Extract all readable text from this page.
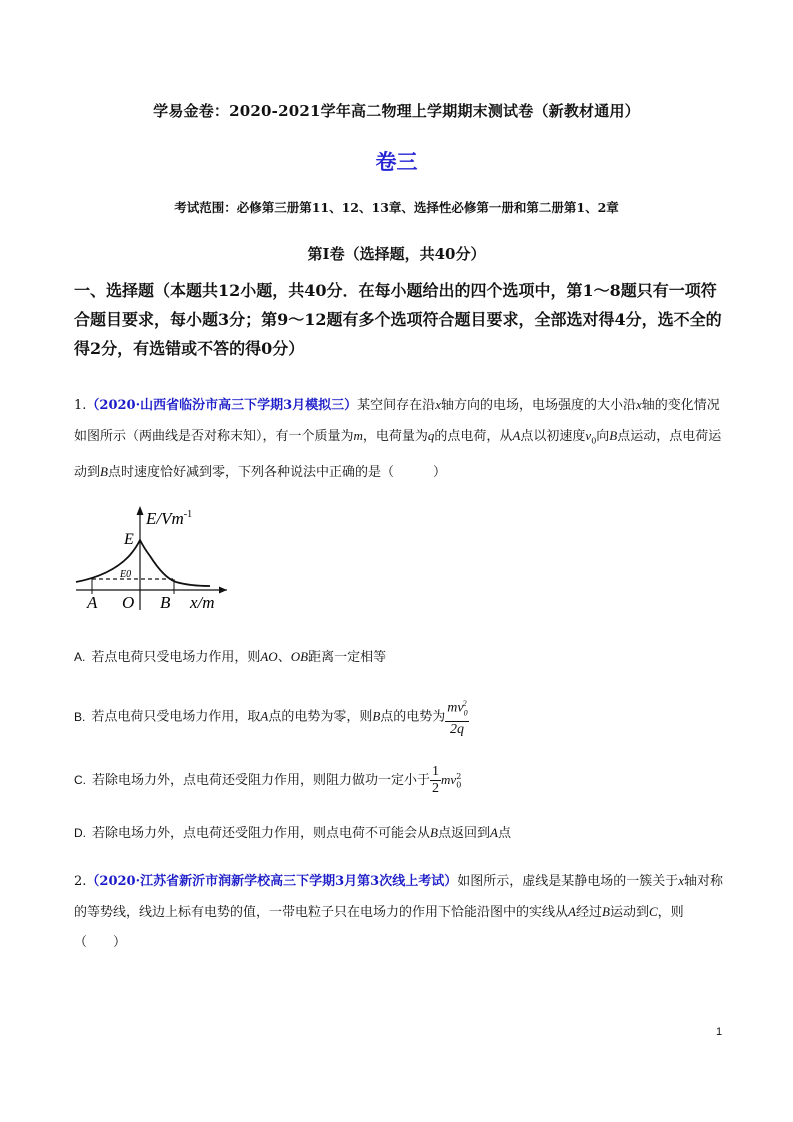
学易金卷：2020-2021学年高二物理上学期期末测试卷（新教材通用）
卷三
考试范围：必修第三册第11、12、13章、选择性必修第一册和第二册第1、2章
第Ⅰ卷（选择题，共40分）
一、选择题（本题共12小题，共40分．在每小题给出的四个选项中，第1～8题只有一项符合题目要求，每小题3分；第9～12题有多个选项符合题目要求，全部选对得4分，选不全的得2分，有选错或不答的得0分）
1.（2020·山西省临汾市高三下学期3月模拟三）某空间存在沿x轴方向的电场，电场强度的大小沿x轴的变化情况如图所示（两曲线是否对称末知），有一个质量为m，电荷量为q的点电荷，从A点以初速度$v_0$向B点运动，点电荷运动到B点时速度恰好减到零，下列各种说法中正确的是（　　　）
$E/Vm^{-1}$
E
E0
A O B x/m
A. 若点电荷只受电场力作用，则AO、OB距离一定相等
B. 若点电荷只受电场力作用，取A点的电势为零，则B点的电势为 $\frac{mv_0^2}{2q}$
C. 若除电场力外，点电荷还受阻力作用，则阻力做功一定小于 $\frac{1}{2} mv_0^2$
D. 若除电场力外，点电荷还受阻力作用，则点电荷不可能会从B点返回到A点
2.（2020·江苏省新沂市润新学校高三下学期3月第3次线上考试）如图所示，虚线是某静电场的一簇关于x轴对称的等势线，线边上标有电势的值，一带电粒子只在电场力的作用下恰能沿图中的实线从A经过B运动到C，则（　　）
1
